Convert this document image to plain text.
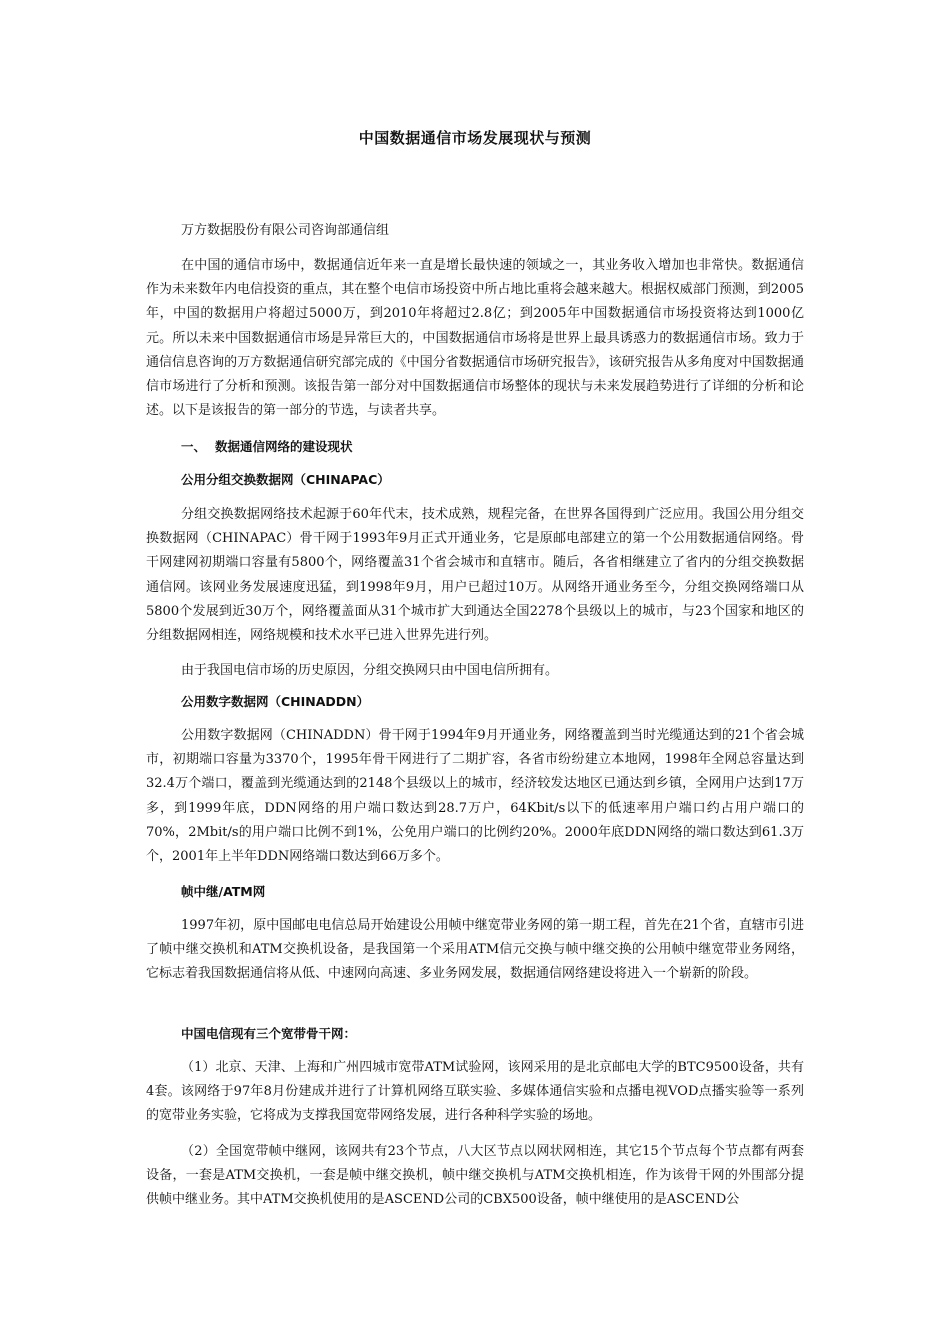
中国数据通信市场发展现状与预测
万方数据股份有限公司咨询部通信组

在中国的通信市场中，数据通信近年来一直是增长最快速的领域之一，其业务收入增加也非常快。数据通信作为未来数年内电信投资的重点，其在整个电信市场投资中所占地比重将会越来越大。根据权威部门预测，到2005年，中国的数据用户将超过5000万，到2010年将超过2.8亿；到2005年中国数据通信市场投资将达到1000亿元。所以未来中国数据通信市场是异常巨大的，中国数据通信市场将是世界上最具诱惑力的数据通信市场。致力于通信信息咨询的万方数据通信研究部完成的《中国分省数据通信市场研究报告》，该研究报告从多角度对中国数据通信市场进行了分析和预测。该报告第一部分对中国数据通信市场整体的现状与未来发展趋势进行了详细的分析和论述。以下是该报告的第一部分的节选，与读者共享。

一、 数据通信网络的建设现状
公用分组交换数据网（CHINAPAC）

分组交换数据网络技术起源于60年代末，技术成熟，规程完备，在世界各国得到广泛应用。我国公用分组交换数据网（CHINAPAC）骨干网于1993年9月正式开通业务，它是原邮电部建立的第一个公用数据通信网络。骨干网建网初期端口容量有5800个，网络覆盖31个省会城市和直辖市。随后，各省相继建立了省内的分组交换数据通信网。该网业务发展速度迅猛，到1998年9月，用户已超过10万。从网络开通业务至今，分组交换网络端口从5800个发展到近30万个，网络覆盖面从31个城市扩大到通达全国2278个县级以上的城市，与23个国家和地区的分组数据网相连，网络规模和技术水平已进入世界先进行列。

由于我国电信市场的历史原因，分组交换网只由中国电信所拥有。

公用数字数据网（CHINADDN）

公用数字数据网（CHINADDN）骨干网于1994年9月开通业务，网络覆盖到当时光缆通达到的21个省会城市，初期端口容量为3370个，1995年骨干网进行了二期扩容，各省市纷纷建立本地网，1998年全网总容量达到32.4万个端口，覆盖到光缆通达到的2148个县级以上的城市，经济较发达地区已通达到乡镇，全网用户达到17万多，到1999年底，DDN网络的用户端口数达到28.7万户，64Kbit/s以下的低速率用户端口约占用户端口的70%，2Mbit/s的用户端口比例不到1%，公免用户端口的比例约20%。2000年底DDN网络的端口数达到61.3万个，2001年上半年DDN网络端口数达到66万多个。

帧中继/ATM网

1997年初，原中国邮电电信总局开始建设公用帧中继宽带业务网的第一期工程，首先在21个省，直辖市引进了帧中继交换机和ATM交换机设备，是我国第一个采用ATM信元交换与帧中继交换的公用帧中继宽带业务网络，它标志着我国数据通信将从低、中速网向高速、多业务网发展，数据通信网络建设将进入一个崭新的阶段。

中国电信现有三个宽带骨干网：

（1）北京、天津、上海和广州四城市宽带ATM试验网，该网采用的是北京邮电大学的BTC9500设备，共有4套。该网络于97年8月份建成并进行了计算机网络互联实验、多媒体通信实验和点播电视VOD点播实验等一系列的宽带业务实验，它将成为支撑我国宽带网络发展，进行各种科学实验的场地。

（2）全国宽带帧中继网，该网共有23个节点，八大区节点以网状网相连，其它15个节点每个节点都有两套设备，一套是ATM交换机，一套是帧中继交换机，帧中继交换机与ATM交换机相连，作为该骨干网的外围部分提供帧中继业务。其中ATM交换机使用的是ASCEND公司的CBX500设备，帧中继使用的是ASCEND公
